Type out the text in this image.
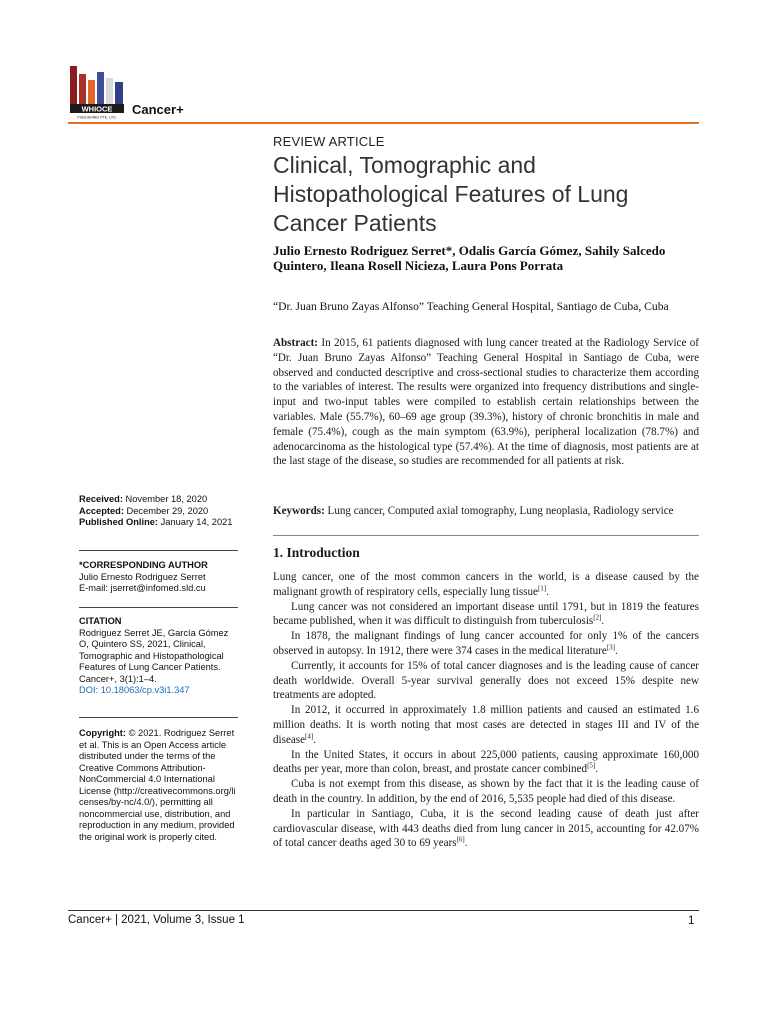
WHIOCE
PUBLISHING PTE. LTD.
Cancer+
REVIEW ARTICLE
Clinical, Tomographic and Histopathological Features of Lung Cancer Patients

Julio Ernesto Rodriguez Serret*, Odalis García Gómez, Sahily Salcedo Quintero, Ileana Rosell Nicieza, Laura Pons Porrata

“Dr. Juan Bruno Zayas Alfonso” Teaching General Hospital, Santiago de Cuba, Cuba

Abstract: In 2015, 61 patients diagnosed with lung cancer treated at the Radiology Service of “Dr. Juan Bruno Zayas Alfonso” Teaching General Hospital in Santiago de Cuba, were observed and conducted descriptive and cross-sectional studies to characterize them according to the variables of interest. The results were organized into frequency distributions and single-input and two-input tables were compiled to establish certain relationships between the variables. Male (55.7%), 60–69 age group (39.3%), history of chronic bronchitis in male and female (75.4%), cough as the main symptom (63.9%), peripheral localization (78.7%) and adenocarcinoma as the histological type (57.4%). At the time of diagnosis, most patients are at the last stage of the disease, so studies are recommended for all patients at risk.

Keywords: Lung cancer, Computed axial tomography, Lung neoplasia, Radiology service

1. Introduction

Lung cancer, one of the most common cancers in the world, is a disease caused by the malignant growth of respiratory cells, especially lung tissue[1].

Lung cancer was not considered an important disease until 1791, but in 1819 the features became published, when it was difficult to distinguish from tuberculosis[2].

In 1878, the malignant findings of lung cancer accounted for only 1% of the cancers observed in autopsy. In 1912, there were 374 cases in the medical literature[3].

Currently, it accounts for 15% of total cancer diagnoses and is the leading cause of cancer death worldwide. Overall 5-year survival generally does not exceed 15% despite new treatments are adopted.

In 2012, it occurred in approximately 1.8 million patients and caused an estimated 1.6 million deaths. It is worth noting that most cases are detected in stages III and IV of the disease[4].

In the United States, it occurs in about 225,000 patients, causing approximate 160,000 deaths per year, more than colon, breast, and prostate cancer combined[5].

Cuba is not exempt from this disease, as shown by the fact that it is the leading cause of death in the country. In addition, by the end of 2016, 5,535 people had died of this disease.

In particular in Santiago, Cuba, it is the second leading cause of death just after cardiovascular disease, with 443 deaths died from lung cancer in 2015, accounting for 42.07% of total cancer deaths aged 30 to 69 years[6].

Received: November 18, 2020
Accepted: December 29, 2020
Published Online: January 14, 2021
*CORRESPONDING AUTHOR
Julio Ernesto Rodriguez Serret
E-mail: jserret@infomed.sld.cu
CITATION
Rodriguez Serret JE, García Gómez O, Quintero SS, 2021, Clinical, Tomographic and Histopathological Features of Lung Cancer Patients. Cancer+, 3(1):1–4.
DOI: 10.18063/cp.v3i1.347
Copyright: © 2021. Rodriguez Serret et al. This is an Open Access article distributed under the terms of the Creative Commons Attribution-NonCommercial 4.0 International License (http://creativecommons.org/licenses/by-nc/4.0/), permitting all noncommercial use, distribution, and reproduction in any medium, provided the original work is properly cited.
Cancer+ | 2021, Volume 3, Issue 1	1
